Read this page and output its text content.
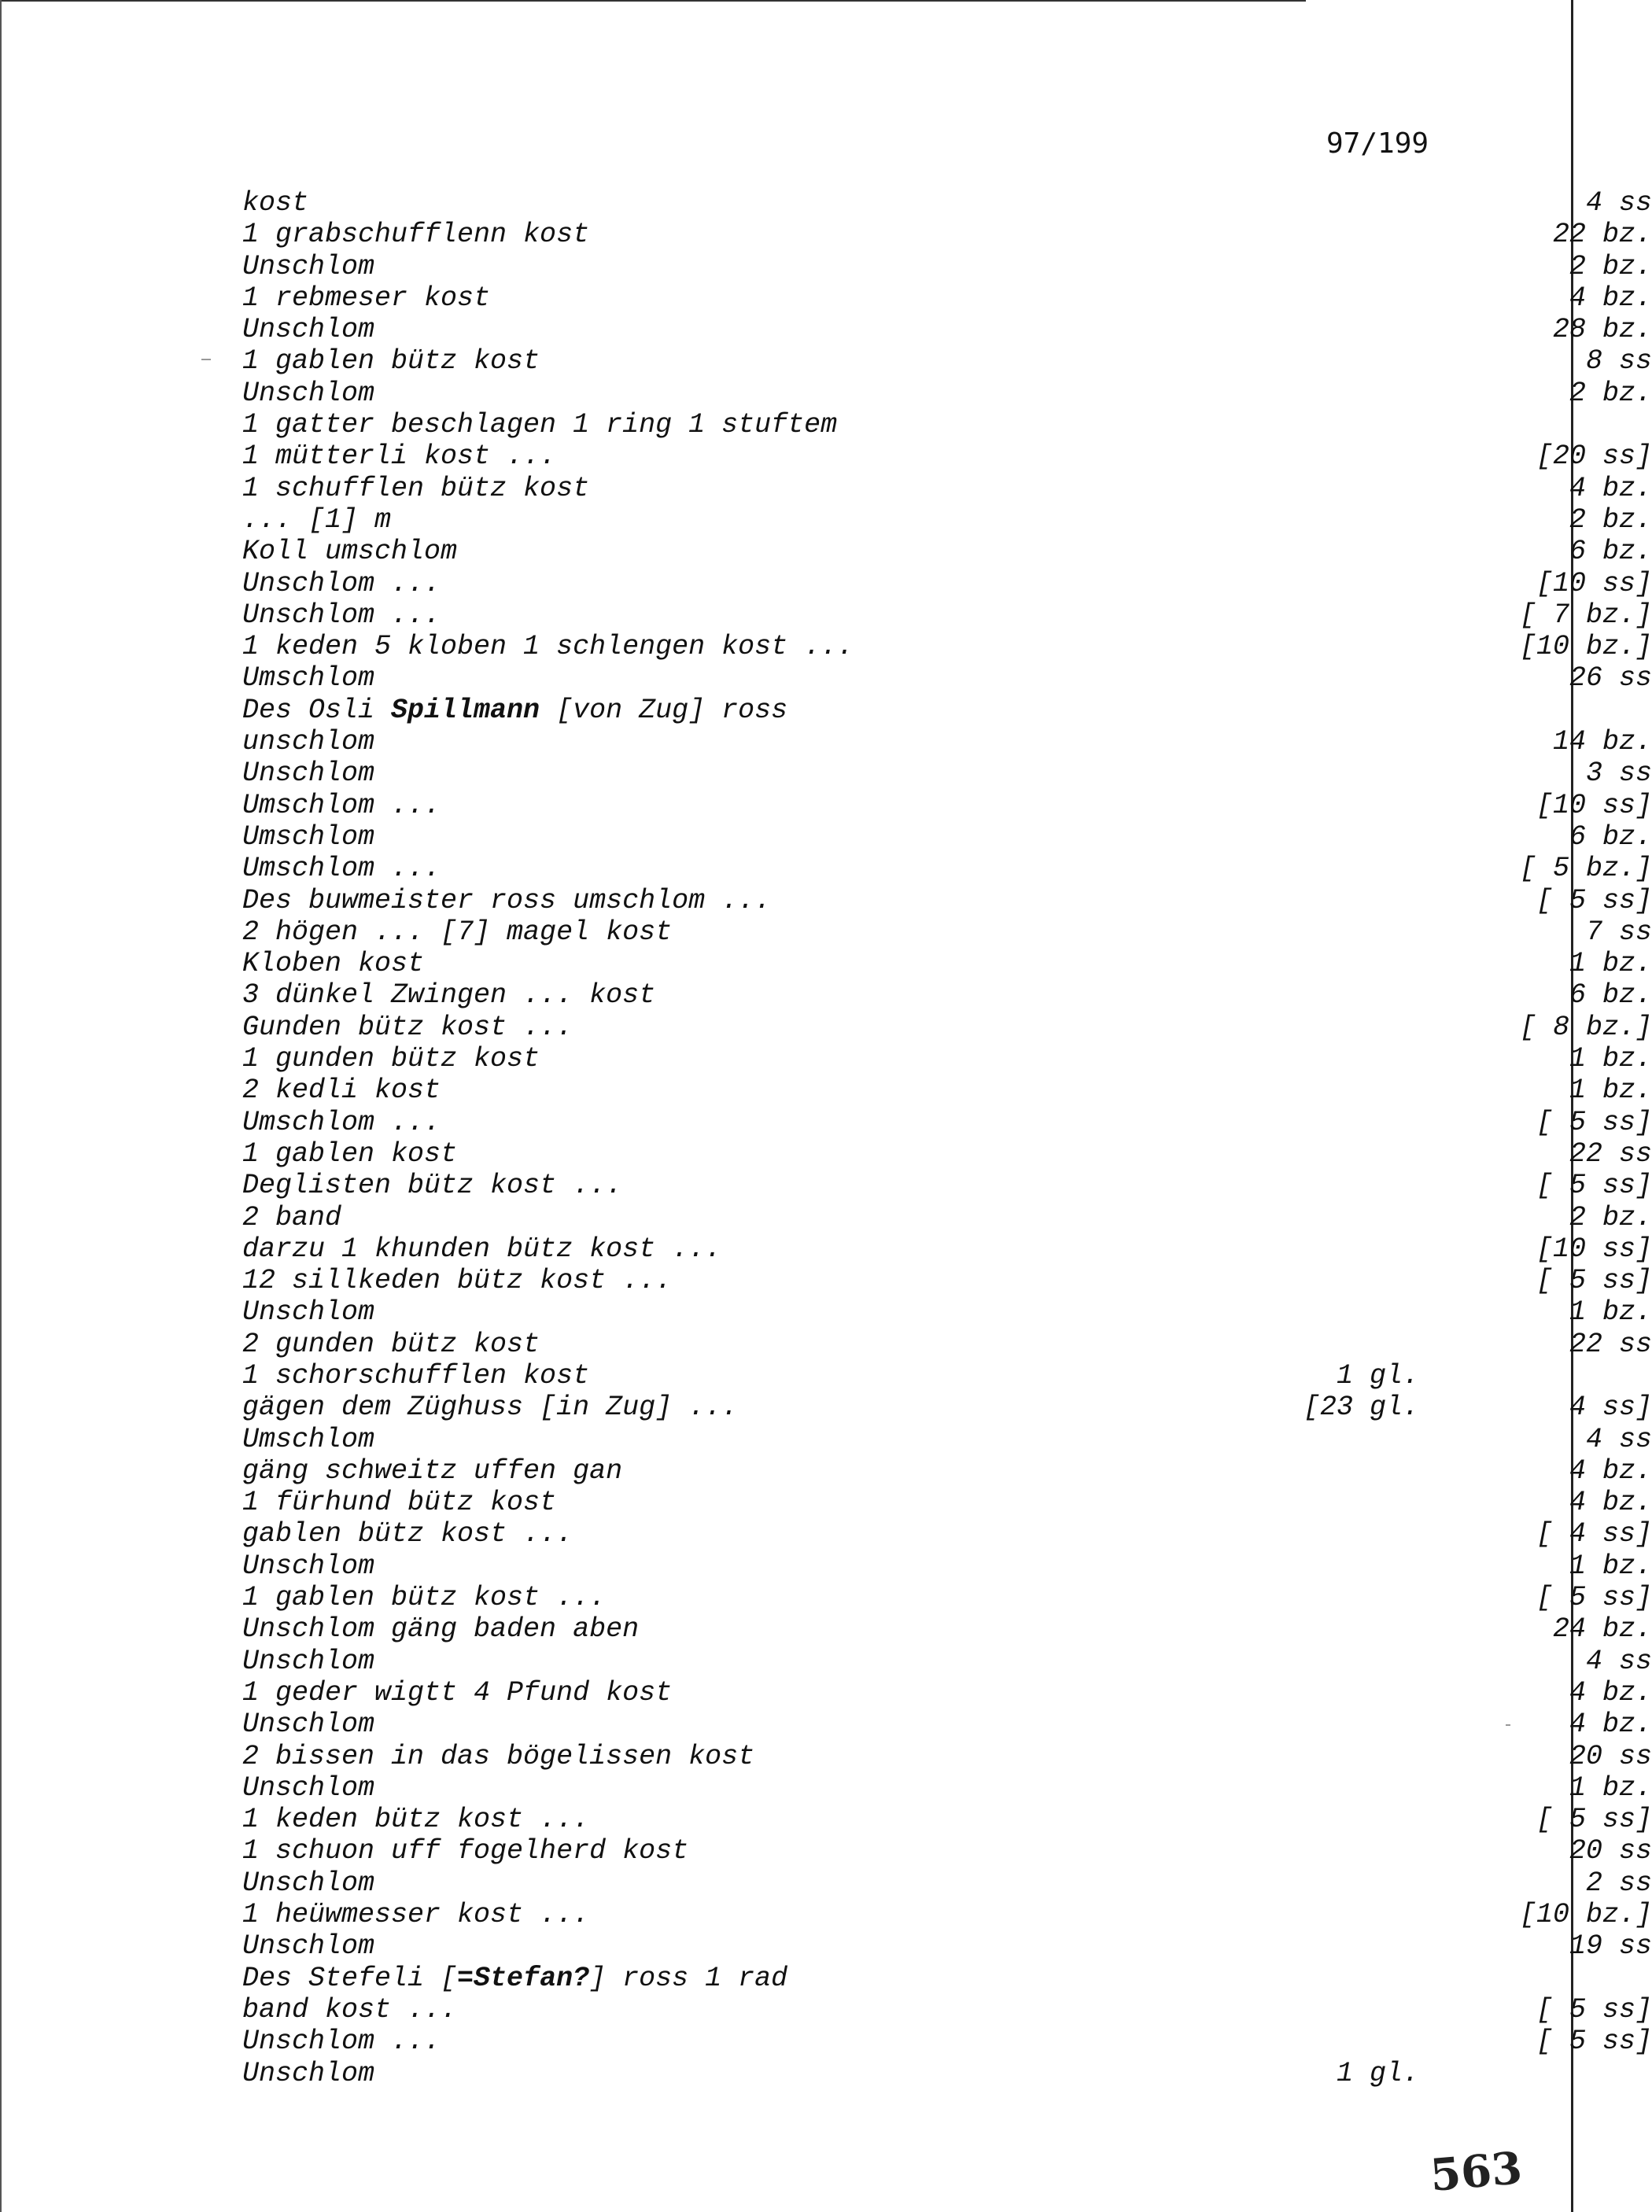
97/199
kost	4 ss
1 grabschufflenn kost	22 bz.
Unschlom	2 bz.
1 rebmeser kost	4 bz.
Unschlom	28 bz.
1 gablen bütz kost	8 ss
Unschlom	2 bz.
1 gatter beschlagen 1 ring 1 stuftem
1 mütterli kost ...	[20 ss]
1 schufflen bütz kost	4 bz.
... [1] m	2 bz.
Koll umschlom	6 bz.
Unschlom ...	[10 ss]
Unschlom ...	[ 7 bz.]
1 keden 5 kloben 1 schlengen kost ...	[10 bz.]
Umschlom	26 ss
Des Osli Spillmann [von Zug] ross
unschlom	14 bz.
Unschlom	3 ss
Umschlom ...	[10 ss]
Umschlom	6 bz.
Umschlom ...	[ 5 bz.]
Des buwmeister ross umschlom ...	[ 5 ss]
2 högen ... [7] magel kost	7 ss
Kloben kost	1 bz.
3 dünkel Zwingen ... kost	6 bz.
Gunden bütz kost ...	[ 8 bz.]
1 gunden bütz kost	1 bz.
2 kedli kost	1 bz.
Umschlom ...	[ 5 ss]
1 gablen kost	22 ss
Deglisten bütz kost ...	[ 5 ss]
2 band	2 bz.
darzu 1 khunden bütz kost ...	[10 ss]
12 sillkeden bütz kost ...	[ 5 ss]
Unschlom	1 bz.
2 gunden bütz kost	22 ss
1 schorschufflen kost	1 gl.
gägen dem Züghuss [in Zug] ...	[23 gl.	4 ss]
Umschlom	4 ss
gäng schweitz uffen gan	4 bz.
1 fürhund bütz kost	4 bz.
gablen bütz kost ...	[ 4 ss]
Unschlom	1 bz.
1 gablen bütz kost ...	[ 5 ss]
Unschlom gäng baden aben	24 bz.
Unschlom	4 ss
1 geder wigtt 4 Pfund kost	4 bz.
Unschlom	4 bz.
2 bissen in das bögelissen kost	20 ss
Unschlom	1 bz.
1 keden bütz kost ...	[ 5 ss]
1 schuon uff fogelherd kost	20 ss
Unschlom	2 ss
1 heüwmesser kost ...	[10 bz.]
Unschlom	19 ss
Des Stefeli [=Stefan?] ross 1 rad
band kost ...	[ 5 ss]
Unschlom ...	[ 5 ss]
Unschlom	1 gl.
563
